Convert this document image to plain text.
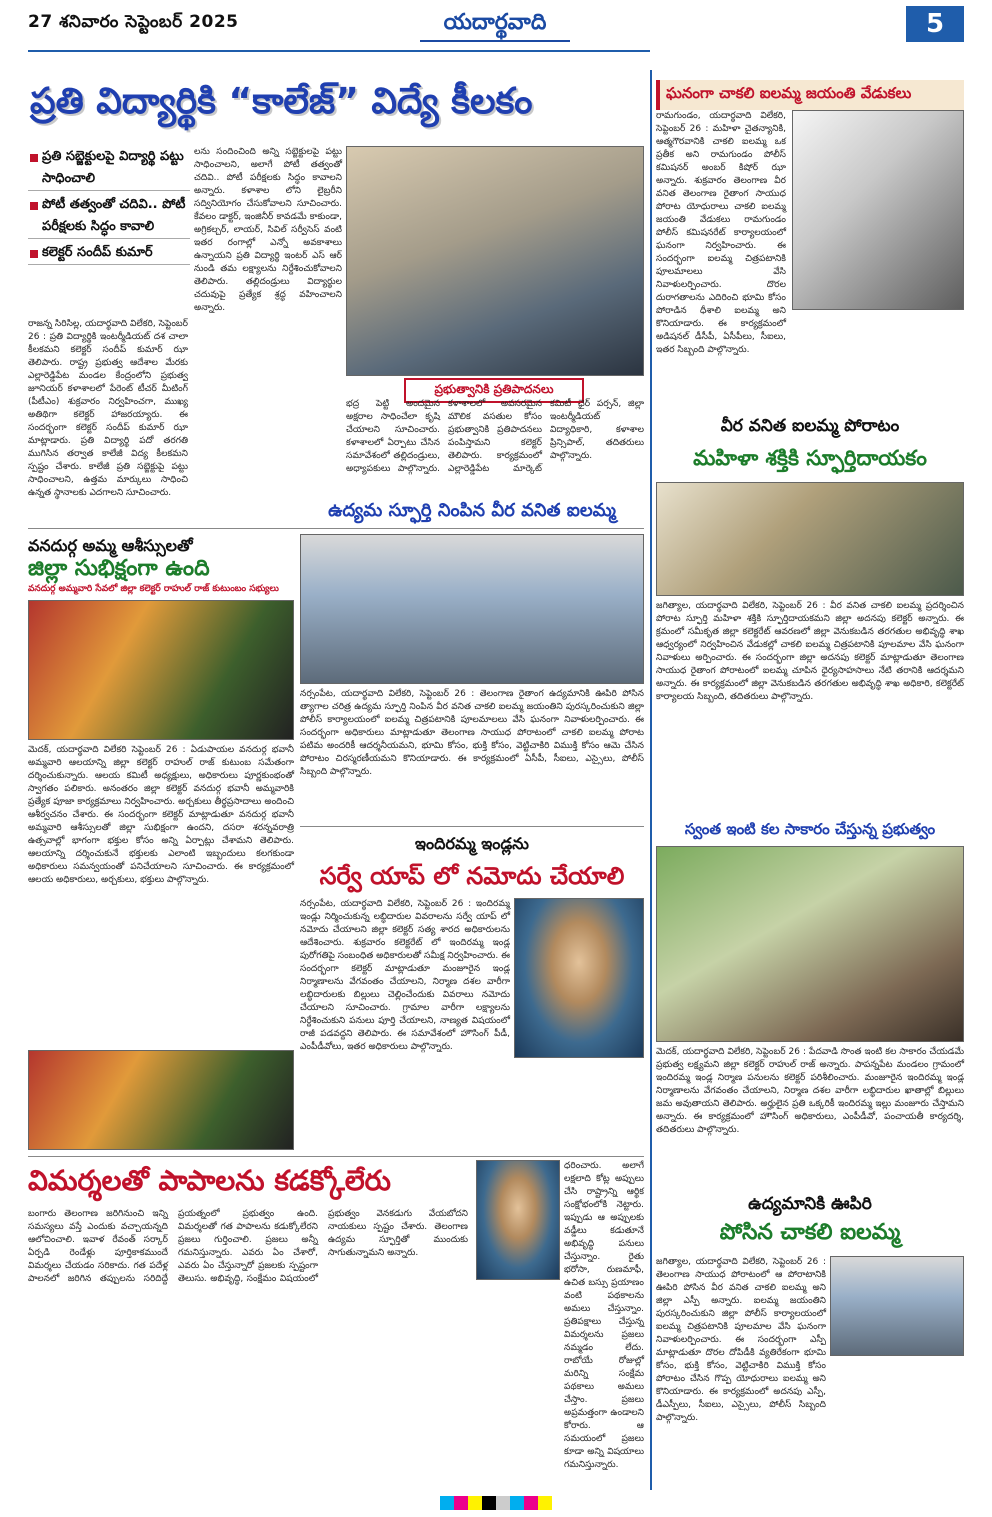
27 శనివారం సెప్టెంబర్ 2025	యదార్థవాది	5
ప్రతి విద్యార్థికి “కాలేజ్” విద్యే కీలకం
ప్రతి సబ్జెక్టులపై విద్యార్థి పట్టు సాధించాలి
పోటీ తత్వంతో చదివి.. పోటీ పరీక్షలకు సిద్ధం కావాలి
కలెక్టర్ సందీప్ కుమార్
రాజన్న సిరిసిల్ల, యదార్థవాది విలేకరి, సెప్టెంబర్ 26 : ప్రతి విద్యార్థికి ఇంటర్మీడియట్ దశ చాలా కీలకమని కలెక్టర్ సందీప్ కుమార్ ఝా తెలిపారు. రాష్ట్ర ప్రభుత్వ ఆదేశాల మేరకు ఎల్లారెడ్డిపేట మండల కేంద్రంలోని ప్రభుత్వ జూనియర్ కళాశాలలో పేరెంట్ టీచర్ మీటింగ్ (పీటీఎం) శుక్రవారం నిర్వహించగా, ముఖ్య అతిథిగా కలెక్టర్ హాజరయ్యారు. ఈ సందర్భంగా కలెక్టర్ సందీప్ కుమార్ ఝా మాట్లాడారు. ప్రతి విద్యార్థి పదో తరగతి ముగిసిన తర్వాత కాలేజీ విద్య కీలకమని స్పష్టం చేశారు. కాలేజీ ప్రతి సబ్జెక్టుపై పట్టు సాధించాలని, ఉత్తమ మార్కులు సాధించి ఉన్నత స్థానాలకు ఎదగాలని సూచించారు.
లను సందించింది అన్ని సబ్జెక్టులపై పట్టు సాధించాలని, అలాగే పోటీ తత్వంతో చదివి.. పోటీ పరీక్షలకు సిద్ధం కావాలని అన్నారు. కళాశాల లోని లైబ్రరీని సద్వినియోగం చేసుకోవాలని సూచించారు. కేవలం డాక్టర్, ఇంజినీర్ కావడమే కాకుండా, అగ్రికల్చర్, లాయర్, సివిల్ సర్వీసెస్ వంటి ఇతర రంగాల్లో ఎన్నో అవకాశాలు ఉన్నాయని ప్రతి విద్యార్థి ఇంటర్ ఎస్ ఆర్ నుండి తమ లక్ష్యాలను నిర్దేశించుకోవాలని తెలిపారు. తల్లిదండ్రులు విద్యార్థుల చదువుపై ప్రత్యేక శ్రద్ధ వహించాలని అన్నారు.
ప్రభుత్వానికి ప్రతిపాదనలు
భద్ర పెట్టి అందమైన అక్షరాల సాధించేలా కృషి చేయాలని సూచించారు. కళాశాలలో ఏర్పాటు చేసిన సమావేశంలో తల్లిదండ్రులు, అధ్యాపకులు పాల్గొన్నారు. కళాశాలలో అవసరమైన మౌలిక వసతుల కోసం ప్రభుత్వానికి ప్రతిపాదనలు పంపిస్తామని కలెక్టర్ తెలిపారు. కార్యక్రమంలో ఎల్లారెడ్డిపేట మార్కెట్ కమిటీ ఛైర్ పర్సన్, జిల్లా ఇంటర్మీడియట్ విద్యాధికారి, కళాశాల ప్రిన్సిపాల్, తదితరులు పాల్గొన్నారు.
వనదుర్గ అమ్మ ఆశీస్సులతో
జిల్లా సుభిక్షంగా ఉంది
వనదుర్గ అమ్మవారి సేవలో జిల్లా కలెక్టర్ రాహుల్ రాజ్ కుటుంబం సభ్యులు
మెదక్, యదార్థవాది విలేకరి సెప్టెంబర్ 26 : ఏడుపాయల వనదుర్గ భవానీ అమ్మవారి ఆలయాన్ని జిల్లా కలెక్టర్ రాహుల్ రాజ్ కుటుంబ సమేతంగా దర్శించుకున్నారు. ఆలయ కమిటీ అధ్యక్షులు, అధికారులు పూర్ణకుంభంతో స్వాగతం పలికారు. అనంతరం జిల్లా కలెక్టర్ వనదుర్గ భవానీ అమ్మవారికి ప్రత్యేక పూజా కార్యక్రమాలు నిర్వహించారు. అర్చకులు తీర్థప్రసాదాలు అందించి ఆశీర్వచనం చేశారు. ఈ సందర్భంగా కలెక్టర్ మాట్లాడుతూ వనదుర్గ భవానీ అమ్మవారి ఆశీస్సులతో జిల్లా సుభిక్షంగా ఉందని, దసరా శరన్నవరాత్రి ఉత్సవాల్లో భాగంగా భక్తుల కోసం అన్ని ఏర్పాట్లు చేశామని తెలిపారు. ఆలయాన్ని దర్శించుకునే భక్తులకు ఎలాంటి ఇబ్బందులు కలగకుండా అధికారులు సమన్వయంతో పనిచేయాలని సూచించారు. ఈ కార్యక్రమంలో ఆలయ అధికారులు, అర్చకులు, భక్తులు పాల్గొన్నారు.
ఉద్యమ స్ఫూర్తి నింపిన వీర వనిత ఐలమ్మ
నర్సంపేట, యదార్థవాది విలేకరి, సెప్టెంబర్ 26 : తెలంగాణ రైతాంగ ఉద్యమానికి ఊపిరి పోసిన త్యాగాల చరిత్ర ఉద్యమ స్ఫూర్తి నింపిన వీర వనిత చాకలి ఐలమ్మ జయంతిని పురస్కరించుకుని జిల్లా పోలీస్ కార్యాలయంలో ఐలమ్మ చిత్రపటానికి పూలమాలలు వేసి ఘనంగా నివాళులర్పించారు. ఈ సందర్భంగా అధికారులు మాట్లాడుతూ తెలంగాణ సాయుధ పోరాటంలో చాకలి ఐలమ్మ పోరాట పటిమ అందరికీ ఆదర్శనీయమని, భూమి కోసం, భుక్తి కోసం, వెట్టిచాకిరి విముక్తి కోసం ఆమె చేసిన పోరాటం చిరస్మరణీయమని కొనియాడారు. ఈ కార్యక్రమంలో ఏసీపీ, సీఐలు, ఎస్సైలు, పోలీస్ సిబ్బంది పాల్గొన్నారు.
ఇందిరమ్మ ఇండ్లను
సర్వే యాప్ లో నమోదు చేయాలి
నర్సంపేట, యదార్థవాది విలేకరి, సెప్టెంబర్ 26 : ఇందిరమ్మ ఇండ్లు నిర్మించుకున్న లబ్ధిదారుల వివరాలను సర్వే యాప్ లో నమోదు చేయాలని జిల్లా కలెక్టర్ సత్య శారద అధికారులను ఆదేశించారు. శుక్రవారం కలెక్టరేట్ లో ఇందిరమ్మ ఇండ్ల పురోగతిపై సంబంధిత అధికారులతో సమీక్ష నిర్వహించారు. ఈ సందర్భంగా కలెక్టర్ మాట్లాడుతూ మంజూరైన ఇండ్ల నిర్మాణాలను వేగవంతం చేయాలని, నిర్మాణ దశల వారీగా లబ్ధిదారులకు బిల్లులు చెల్లించేందుకు వివరాలు నమోదు చేయాలని సూచించారు. గ్రామాల వారీగా లక్ష్యాలను నిర్దేశించుకుని పనులు పూర్తి చేయాలని, నాణ్యత విషయంలో రాజీ పడవద్దని తెలిపారు. ఈ సమావేశంలో హౌసింగ్ పీడీ, ఎంపీడీవోలు, ఇతర అధికారులు పాల్గొన్నారు.
విమర్శలతో పాపాలను కడక్కోలేరు
బంగారు తెలంగాణ జరిగినుంచి ఇన్ని సమస్యలు వస్తే ఎందుకు వచ్చాయన్నది ఆలోచించాలి. ఇవాళ రేవంత్ సర్కార్ ఏర్పడి రెండేళ్లు పూర్తికాకముందే విమర్శలు చేయడం సరికాదు. గత పదేళ్ల పాలనలో జరిగిన తప్పులను సరిదిద్దే ప్రయత్నంలో ప్రభుత్వం ఉంది. విమర్శలతో గత పాపాలను కడుక్కోలేరని ప్రజలు గుర్తించాలి. ప్రజలు అన్నీ గమనిస్తున్నారు. ఎవరు ఏం చేశారో, ఎవరు ఏం చేస్తున్నారో ప్రజలకు స్పష్టంగా తెలుసు. అభివృద్ధి, సంక్షేమం విషయంలో ప్రభుత్వం వెనకడుగు వేయబోదని నాయకులు స్పష్టం చేశారు. తెలంగాణ ఉద్యమ స్ఫూర్తితో ముందుకు సాగుతున్నామని అన్నారు.
ధరించారు. అలాగే లక్షలాది కోట్ల అప్పులు చేసి రాష్ట్రాన్ని ఆర్థిక సంక్షోభంలోకి నెట్టారు. ఇప్పుడు ఆ అప్పులకు వడ్డీలు కడుతూనే అభివృద్ధి పనులు చేస్తున్నాం. రైతు భరోసా, రుణమాఫీ, ఉచిత బస్సు ప్రయాణం వంటి పథకాలను అమలు చేస్తున్నాం. ప్రతిపక్షాలు చేస్తున్న విమర్శలను ప్రజలు నమ్మడం లేదు. రాబోయే రోజుల్లో మరిన్ని సంక్షేమ పథకాలు అమలు చేస్తాం. ప్రజలు అప్రమత్తంగా ఉండాలని కోరారు. ఆ సమయంలో ప్రజలు కూడా అన్ని విషయాలు గమనిస్తున్నారు.
ఘనంగా చాకలి ఐలమ్మ జయంతి వేడుకలు
రామగుండం, యదార్థవాది విలేకరి, సెప్టెంబర్ 26 : మహిళా చైతన్యానికి, ఆత్మగౌరవానికి చాకలి ఐలమ్మ ఒక ప్రతీక అని రామగుండం పోలీస్ కమిషనర్ అంబర్ కిషోర్ ఝా అన్నారు. శుక్రవారం తెలంగాణ వీర వనిత తెలంగాణ రైతాంగ సాయుధ పోరాట యోధురాలు చాకలి ఐలమ్మ జయంతి వేడుకలు రామగుండం పోలీస్ కమిషనరేట్ కార్యాలయంలో ఘనంగా నిర్వహించారు. ఈ సందర్భంగా ఐలమ్మ చిత్రపటానికి పూలమాలలు వేసి నివాళులర్పించారు. దొరల దురాగతాలను ఎదిరించి భూమి కోసం పోరాడిన ధీశాలి ఐలమ్మ అని కొనియాడారు. ఈ కార్యక్రమంలో అడిషనల్ డీసీపీ, ఏసీపీలు, సీఐలు, ఇతర సిబ్బంది పాల్గొన్నారు.
వీర వనిత ఐలమ్మ పోరాటం
మహిళా శక్తికి స్ఫూర్తిదాయకం
జగిత్యాల, యదార్థవాది విలేకరి, సెప్టెంబర్ 26 : వీర వనిత చాకలి ఐలమ్మ ప్రదర్శించిన పోరాట స్ఫూర్తి మహిళా శక్తికి స్ఫూర్తిదాయకమని జిల్లా అదనపు కలెక్టర్ అన్నారు. ఈ క్రమంలో సమీకృత జిల్లా కలెక్టరేట్ ఆవరణలో జిల్లా వెనుకబడిన తరగతుల అభివృద్ధి శాఖ ఆధ్వర్యంలో నిర్వహించిన వేడుకల్లో చాకలి ఐలమ్మ చిత్రపటానికి పూలమాల వేసి ఘనంగా నివాళులు అర్పించారు. ఈ సందర్భంగా జిల్లా అదనపు కలెక్టర్ మాట్లాడుతూ తెలంగాణ సాయుధ రైతాంగ పోరాటంలో ఐలమ్మ చూపిన ధైర్యసాహసాలు నేటి తరానికి ఆదర్శమని అన్నారు. ఈ కార్యక్రమంలో జిల్లా వెనుకబడిన తరగతుల అభివృద్ధి శాఖ అధికారి, కలెక్టరేట్ కార్యాలయ సిబ్బంది, తదితరులు పాల్గొన్నారు.
స్వంత ఇంటి కల సాకారం చేస్తున్న ప్రభుత్వం
మెదక్, యదార్థవాది విలేకరి, సెప్టెంబర్ 26 : పేదవాడి సొంత ఇంటి కల సాకారం చేయడమే ప్రభుత్వ లక్ష్యమని జిల్లా కలెక్టర్ రాహుల్ రాజ్ అన్నారు. పాపన్నపేట మండలం గ్రామంలో ఇందిరమ్మ ఇండ్ల నిర్మాణ పనులను కలెక్టర్ పరిశీలించారు. మంజూరైన ఇందిరమ్మ ఇండ్ల నిర్మాణాలను వేగవంతం చేయాలని, నిర్మాణ దశల వారీగా లబ్ధిదారుల ఖాతాల్లో బిల్లులు జమ అవుతాయని తెలిపారు. అర్హులైన ప్రతి ఒక్కరికీ ఇందిరమ్మ ఇల్లు మంజూరు చేస్తామని అన్నారు. ఈ కార్యక్రమంలో హౌసింగ్ అధికారులు, ఎంపీడీవో, పంచాయతీ కార్యదర్శి, తదితరులు పాల్గొన్నారు.
ఉద్యమానికి ఊపిరి
పోసిన చాకలి ఐలమ్మ
జగిత్యాల, యదార్థవాది విలేకరి, సెప్టెంబర్ 26 : తెలంగాణ సాయుధ పోరాటంలో ఆ పోరాటానికి ఊపిరి పోసిన వీర వనిత చాకలి ఐలమ్మ అని జిల్లా ఎస్పీ అన్నారు. ఐలమ్మ జయంతిని పురస్కరించుకుని జిల్లా పోలీస్ కార్యాలయంలో ఐలమ్మ చిత్రపటానికి పూలమాల వేసి ఘనంగా నివాళులర్పించారు. ఈ సందర్భంగా ఎస్పీ మాట్లాడుతూ దొరల దోపిడీకి వ్యతిరేకంగా భూమి కోసం, భుక్తి కోసం, వెట్టిచాకిరి విముక్తి కోసం పోరాటం చేసిన గొప్ప యోధురాలు ఐలమ్మ అని కొనియాడారు. ఈ కార్యక్రమంలో అదనపు ఎస్పీ, డీఎస్పీలు, సీఐలు, ఎస్సైలు, పోలీస్ సిబ్బంది పాల్గొన్నారు.
